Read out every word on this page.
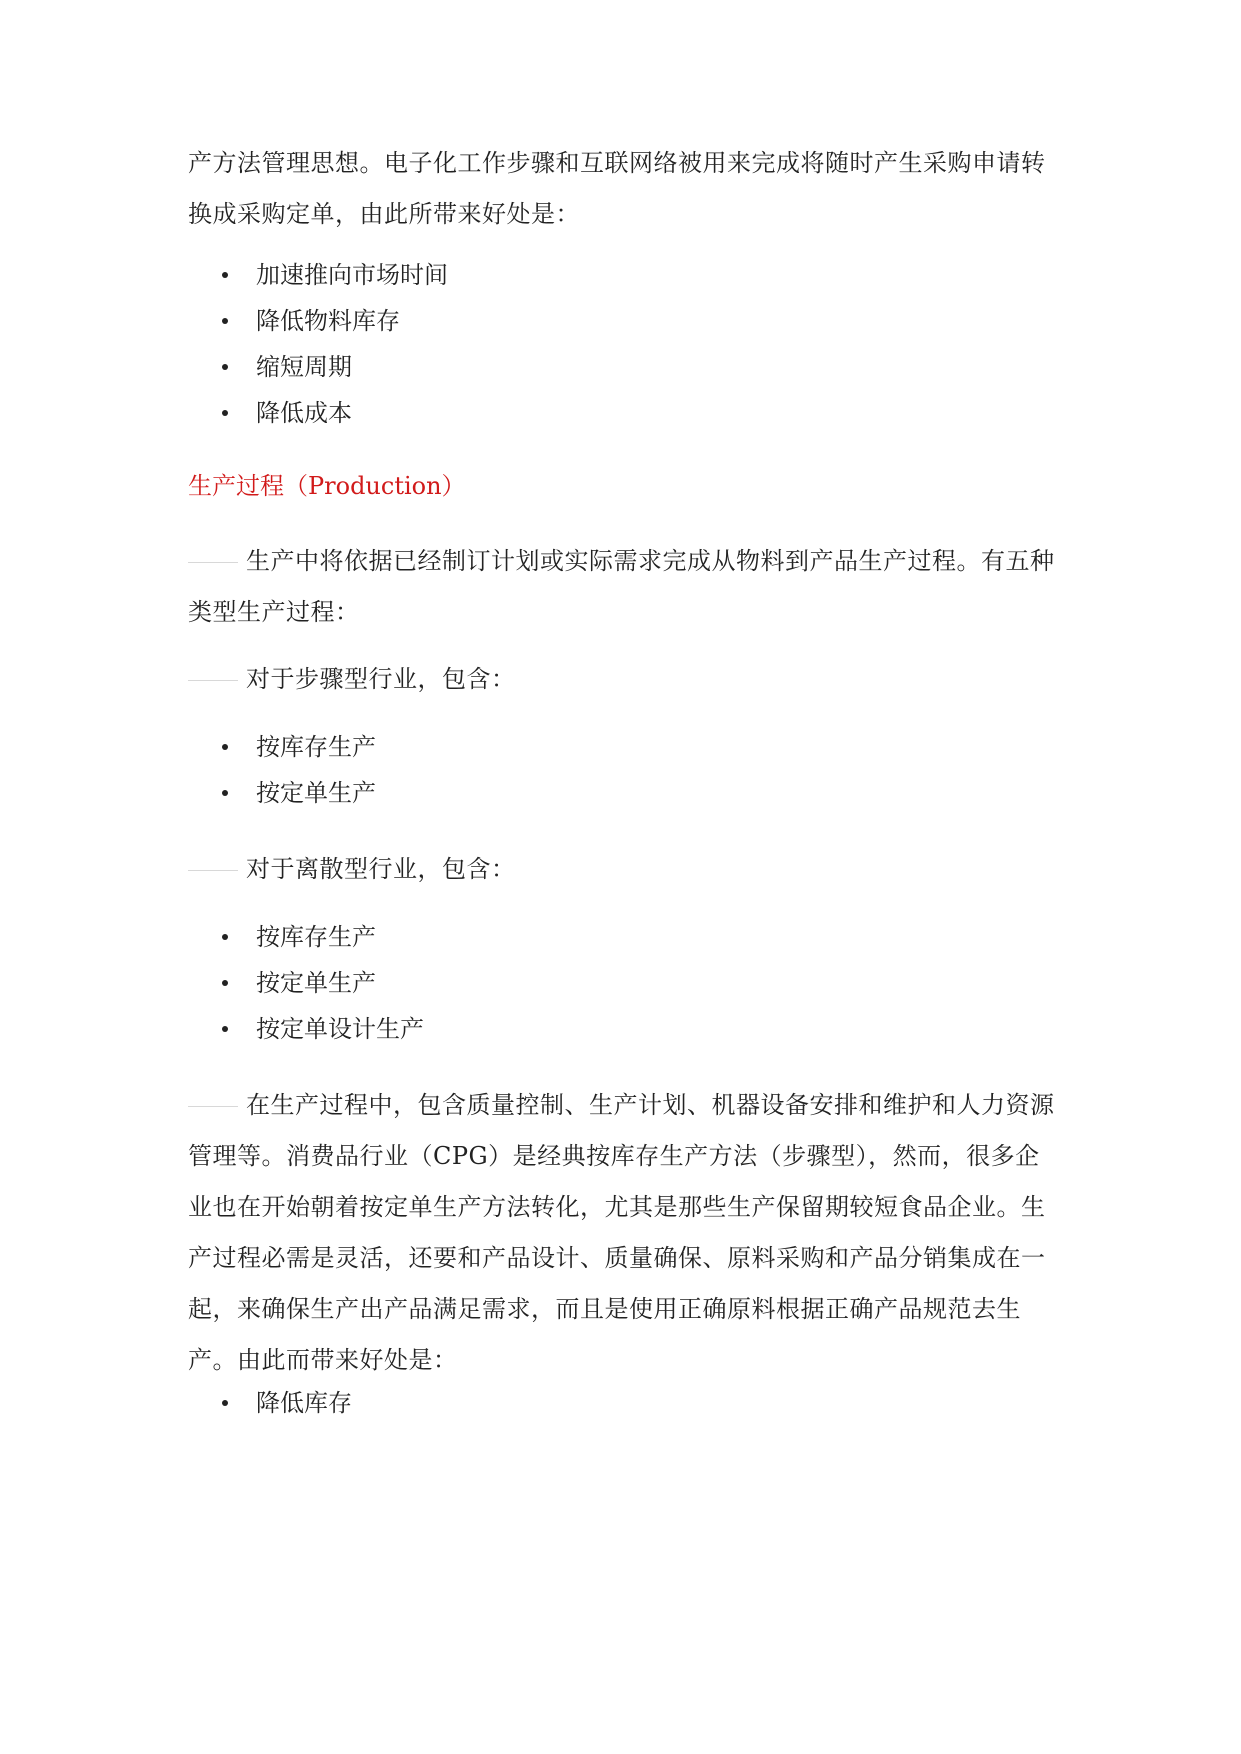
产方法管理思想。电子化工作步骤和互联网络被用来完成将随时产生采购申请转换成采购定单，由此所带来好处是：

加速推向市场时间
降低物料库存
缩短周期
降低成本

生产过程（Production）

生产中将依据已经制订计划或实际需求完成从物料到产品生产过程。有五种类型生产过程：

对于步骤型行业，包含：

按库存生产
按定单生产

对于离散型行业，包含：

按库存生产
按定单生产
按定单设计生产

在生产过程中，包含质量控制、生产计划、机器设备安排和维护和人力资源管理等。消费品行业（CPG）是经典按库存生产方法（步骤型），然而，很多企业也在开始朝着按定单生产方法转化，尤其是那些生产保留期较短食品企业。生产过程必需是灵活，还要和产品设计、质量确保、原料采购和产品分销集成在一起，来确保生产出产品满足需求，而且是使用正确原料根据正确产品规范去生产。由此而带来好处是：

降低库存
